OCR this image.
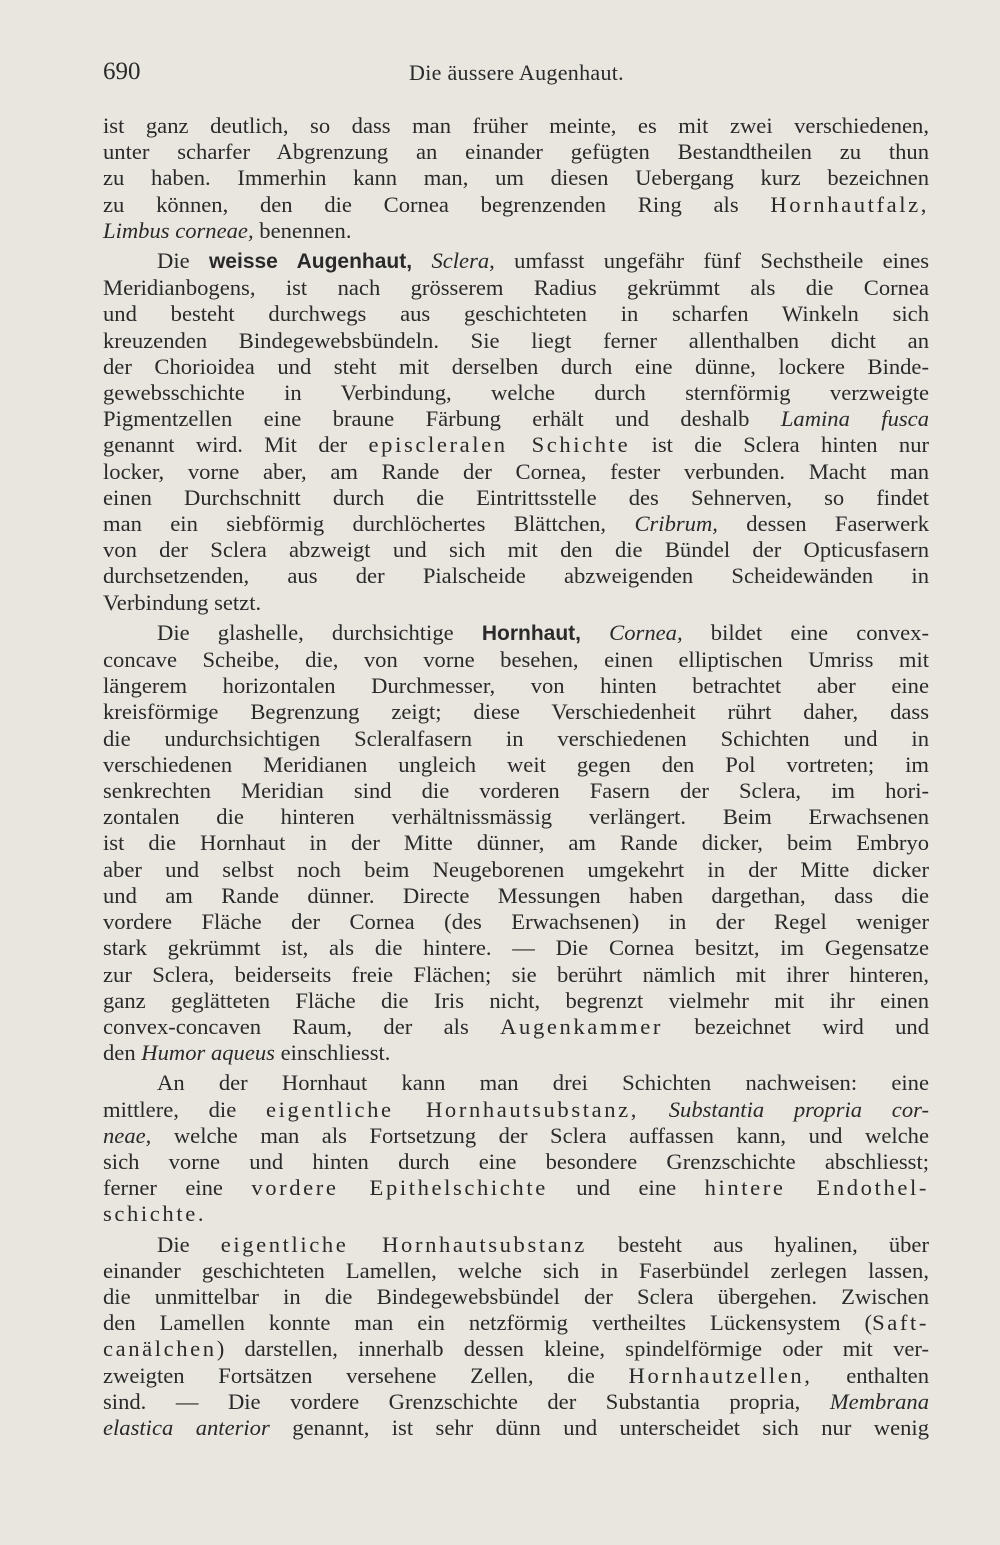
690	Die äussere Augenhaut.
ist ganz deutlich, so dass man früher meinte, es mit zwei verschiedenen,
unter scharfer Abgrenzung an einander gefügten Bestandtheilen zu thun
zu haben. Immerhin kann man, um diesen Uebergang kurz bezeichnen
zu können, den die Cornea begrenzenden Ring als Hornhautfalz,
Limbus corneae, benennen.
Die weisse Augenhaut, Sclera, umfasst ungefähr fünf Sechstheile eines
Meridianbogens, ist nach grösserem Radius gekrümmt als die Cornea
und besteht durchwegs aus geschichteten in scharfen Winkeln sich
kreuzenden Bindegewebsbündeln. Sie liegt ferner allenthalben dicht an
der Chorioidea und steht mit derselben durch eine dünne, lockere Binde-
gewebsschichte in Verbindung, welche durch sternförmig verzweigte
Pigmentzellen eine braune Färbung erhält und deshalb Lamina fusca
genannt wird. Mit der episcleralen Schichte ist die Sclera hinten nur
locker, vorne aber, am Rande der Cornea, fester verbunden. Macht man
einen Durchschnitt durch die Eintrittsstelle des Sehnerven, so findet
man ein siebförmig durchlöchertes Blättchen, Cribrum, dessen Faserwerk
von der Sclera abzweigt und sich mit den die Bündel der Opticusfasern
durchsetzenden, aus der Pialscheide abzweigenden Scheidewänden in
Verbindung setzt.
Die glashelle, durchsichtige Hornhaut, Cornea, bildet eine convex-
concave Scheibe, die, von vorne besehen, einen elliptischen Umriss mit
längerem horizontalen Durchmesser, von hinten betrachtet aber eine
kreisförmige Begrenzung zeigt; diese Verschiedenheit rührt daher, dass
die undurchsichtigen Scleralfasern in verschiedenen Schichten und in
verschiedenen Meridianen ungleich weit gegen den Pol vortreten; im
senkrechten Meridian sind die vorderen Fasern der Sclera, im hori-
zontalen die hinteren verhältnissmässig verlängert. Beim Erwachsenen
ist die Hornhaut in der Mitte dünner, am Rande dicker, beim Embryo
aber und selbst noch beim Neugeborenen umgekehrt in der Mitte dicker
und am Rande dünner. Directe Messungen haben dargethan, dass die
vordere Fläche der Cornea (des Erwachsenen) in der Regel weniger
stark gekrümmt ist, als die hintere. — Die Cornea besitzt, im Gegensatze
zur Sclera, beiderseits freie Flächen; sie berührt nämlich mit ihrer hinteren,
ganz geglätteten Fläche die Iris nicht, begrenzt vielmehr mit ihr einen
convex-concaven Raum, der als Augenkammer bezeichnet wird und
den Humor aqueus einschliesst.
An der Hornhaut kann man drei Schichten nachweisen: eine
mittlere, die eigentliche Hornhautsubstanz, Substantia propria cor-
neae, welche man als Fortsetzung der Sclera auffassen kann, und welche
sich vorne und hinten durch eine besondere Grenzschichte abschliesst;
ferner eine vordere Epithelschichte und eine hintere Endothel-
schichte.
Die eigentliche Hornhautsubstanz besteht aus hyalinen, über
einander geschichteten Lamellen, welche sich in Faserbündel zerlegen lassen,
die unmittelbar in die Bindegewebsbündel der Sclera übergehen. Zwischen
den Lamellen konnte man ein netzförmig vertheiltes Lückensystem (Saft-
canälchen) darstellen, innerhalb dessen kleine, spindelförmige oder mit ver-
zweigten Fortsätzen versehene Zellen, die Hornhautzellen, enthalten
sind. — Die vordere Grenzschichte der Substantia propria, Membrana
elastica anterior genannt, ist sehr dünn und unterscheidet sich nur wenig
